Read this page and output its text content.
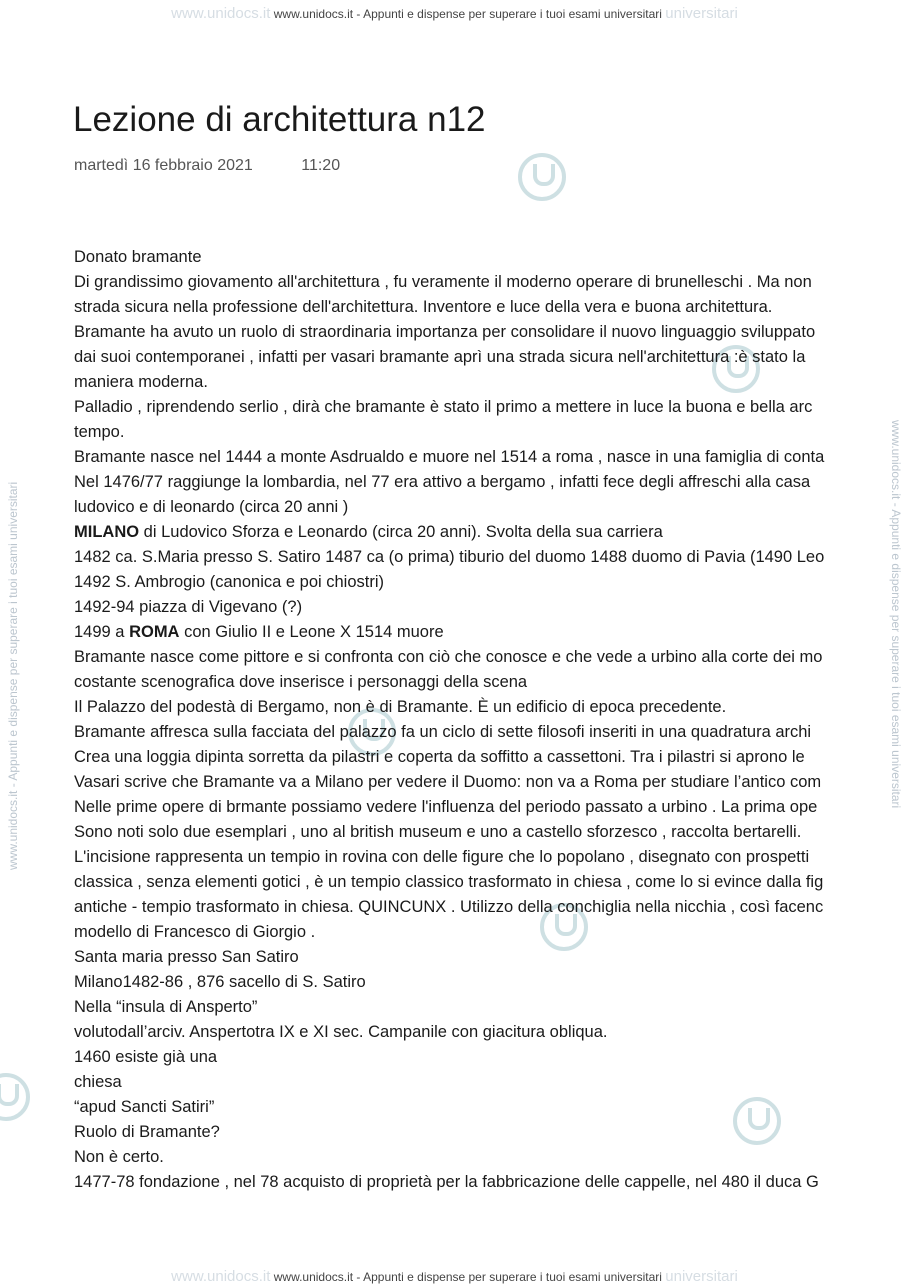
www.unidocs.it www.unidocs.it - Appunti e dispense per superare i tuoi esami universitari universitari
www.unidocs.it - Appunti e dispense per superare i tuoi esami universitari	www.unidocs.it - Appunti e dispense per superare i tuoi esami universitari
Lezione di architettura n12
martedì 16 febbraio 2021	11:20
Donato bramante
Di grandissimo giovamento all'architettura , fu veramente il moderno operare di brunelleschi . Ma non
strada sicura nella professione dell'architettura. Inventore e luce della vera e buona architettura.
Bramante ha avuto un ruolo di straordinaria importanza per consolidare il nuovo linguaggio sviluppato
dai suoi contemporanei , infatti per vasari bramante aprì una strada sicura nell'architettura :è stato la
maniera moderna.
Palladio , riprendendo serlio , dirà che bramante è stato il primo a mettere in luce la buona e bella arc
tempo.
Bramante nasce nel 1444 a monte Asdrualdo e muore nel 1514 a roma , nasce in una famiglia di conta
Nel 1476/77 raggiunge la lombardia, nel 77 era attivo a bergamo , infatti fece degli affreschi alla casa
ludovico e di leonardo (circa 20 anni )
MILANO di Ludovico Sforza e Leonardo (circa 20 anni). Svolta della sua carriera
1482 ca. S.Maria presso S. Satiro 1487 ca (o prima) tiburio del duomo 1488 duomo di Pavia (1490 Leo
1492 S. Ambrogio (canonica e poi chiostri)
1492-94 piazza di Vigevano (?)
1499 a ROMA con Giulio II e Leone X 1514 muore
Bramante nasce come pittore e si confronta con ciò che conosce e che vede a urbino alla corte dei mo
costante scenografica dove inserisce i personaggi della scena
Il Palazzo del podestà di Bergamo, non è di Bramante. È un edificio di epoca precedente.
Bramante affresca sulla facciata del palazzo fa un ciclo di sette filosofi inseriti in una quadratura archi
Crea una loggia dipinta sorretta da pilastri e coperta da soffitto a cassettoni. Tra i pilastri si aprono le
Vasari scrive che Bramante va a Milano per vedere il Duomo: non va a Roma per studiare l’antico com
Nelle prime opere di brmante possiamo vedere l'influenza del periodo passato a urbino . La prima ope
Sono noti solo due esemplari , uno al british museum e uno a castello sforzesco , raccolta bertarelli.
L'incisione rappresenta un tempio in rovina con delle figure che lo popolano , disegnato con prospetti
classica , senza elementi gotici , è un tempio classico trasformato in chiesa , come lo si evince dalla fig
antiche - tempio trasformato in chiesa. QUINCUNX . Utilizzo della conchiglia nella nicchia , così facenc
modello di Francesco di Giorgio .
Santa maria presso San Satiro
Milano1482-86 , 876 sacello di S. Satiro
Nella “insula di Ansperto”
volutodall’arciv. Anspertotra IX e XI sec. Campanile con giacitura obliqua.
1460 esiste già una
chiesa
“apud Sancti Satiri”
Ruolo di Bramante?
Non è certo.
1477-78 fondazione , nel 78 acquisto di proprietà per la fabbricazione delle cappelle, nel 480 il duca G
www.unidocs.it www.unidocs.it - Appunti e dispense per superare i tuoi esami universitari universitari
